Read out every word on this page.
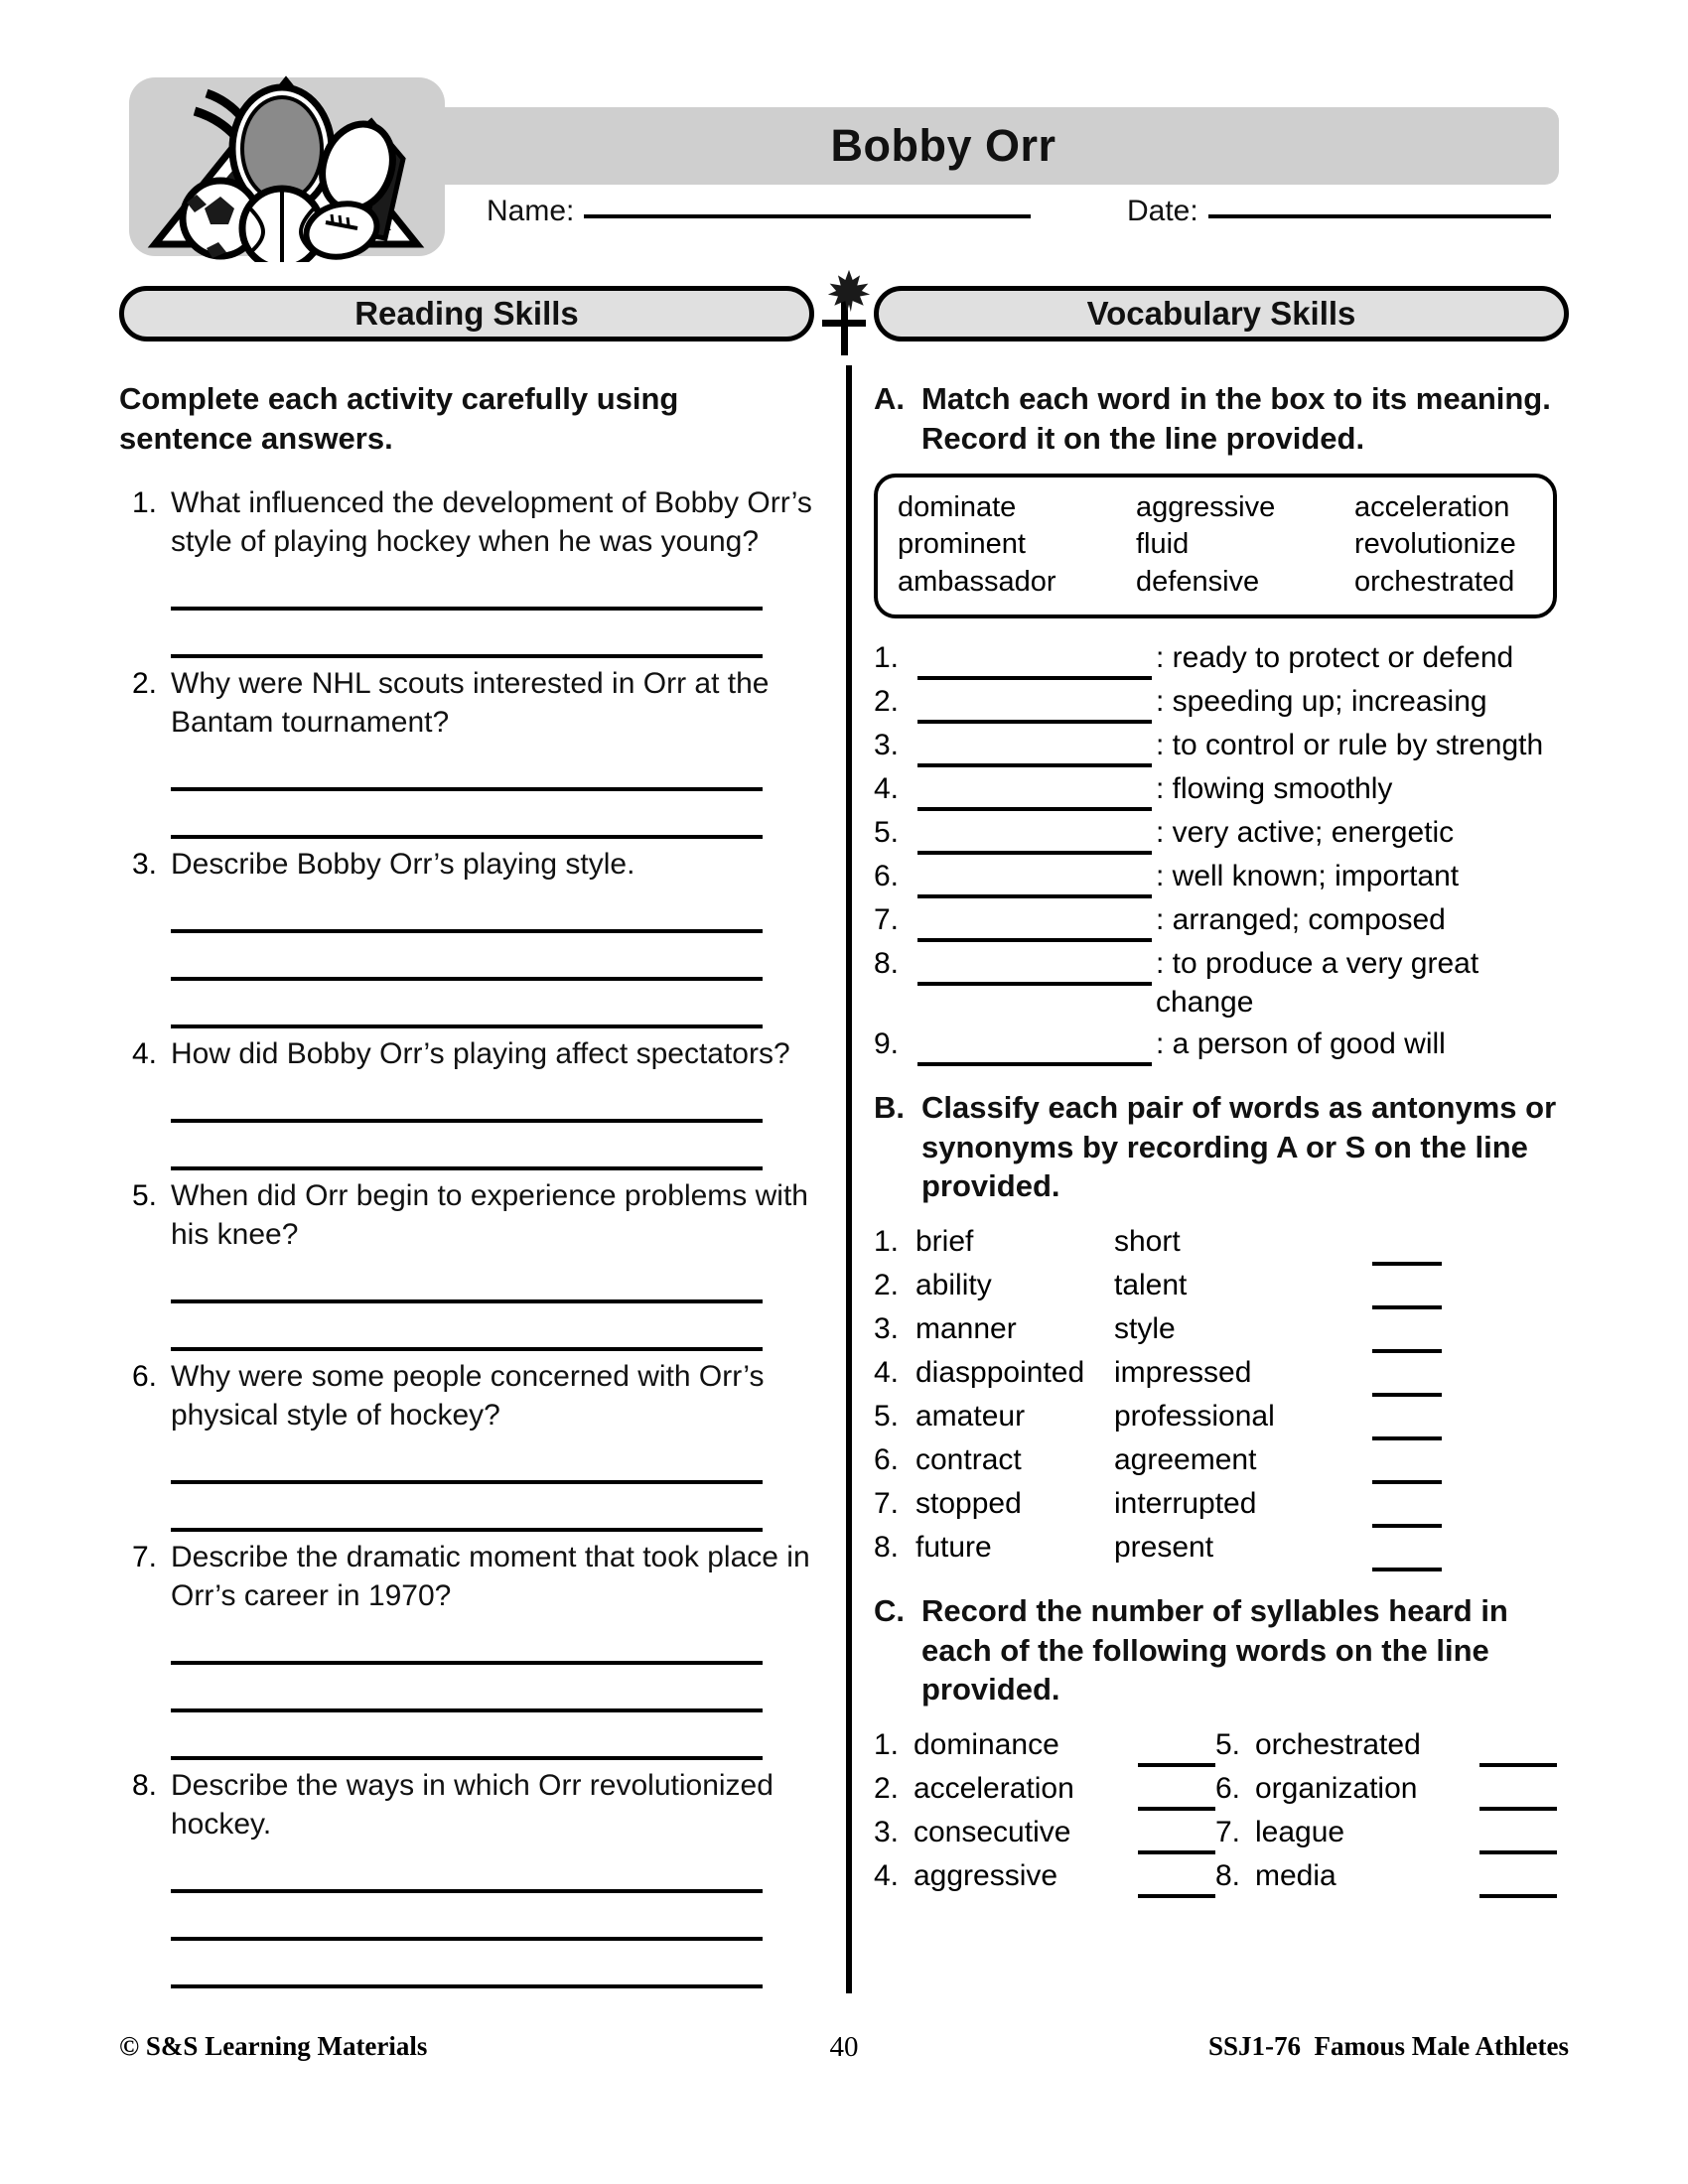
Bobby Orr
Name:	Date:
Reading Skills	Vocabulary Skills

Complete each activity carefully using sentence answers.

1. What influenced the development of Bobby Orr’s style of playing hockey when he was young?
2. Why were NHL scouts interested in Orr at the Bantam tournament?
3. Describe Bobby Orr’s playing style.
4. How did Bobby Orr’s playing affect spectators?
5. When did Orr begin to experience problems with his knee?
6. Why were some people concerned with Orr’s physical style of hockey?
7. Describe the dramatic moment that took place in Orr’s career in 1970?
8. Describe the ways in which Orr revolutionized hockey.
A. Match each word in the box to its meaning. Record it on the line provided.
dominate	aggressive	acceleration
prominent	fluid	revolutionize
ambassador	defensive	orchestrated
1.	: ready to protect or defend
2.	: speeding up; increasing
3.	: to control or rule by strength
4.	: flowing smoothly
5.	: very active; energetic
6.	: well known; important
7.	: arranged; composed
8.	: to produce a very great change
9.	: a person of good will
B. Classify each pair of words as antonyms or synonyms by recording A or S on the line provided.
1. brief	short
2. ability	talent
3. manner	style
4. diasppointed impressed
5. amateur	professional
6. contract	agreement
7. stopped	interrupted
8. future	present
C. Record the number of syllables heard in each of the following words on the line provided.
1. dominance
2. acceleration
3. consecutive
4. aggressive
5. orchestrated
6. organization
7. league
8. media
© S&S Learning Materials	40	SSJ1-76  Famous Male Athletes
